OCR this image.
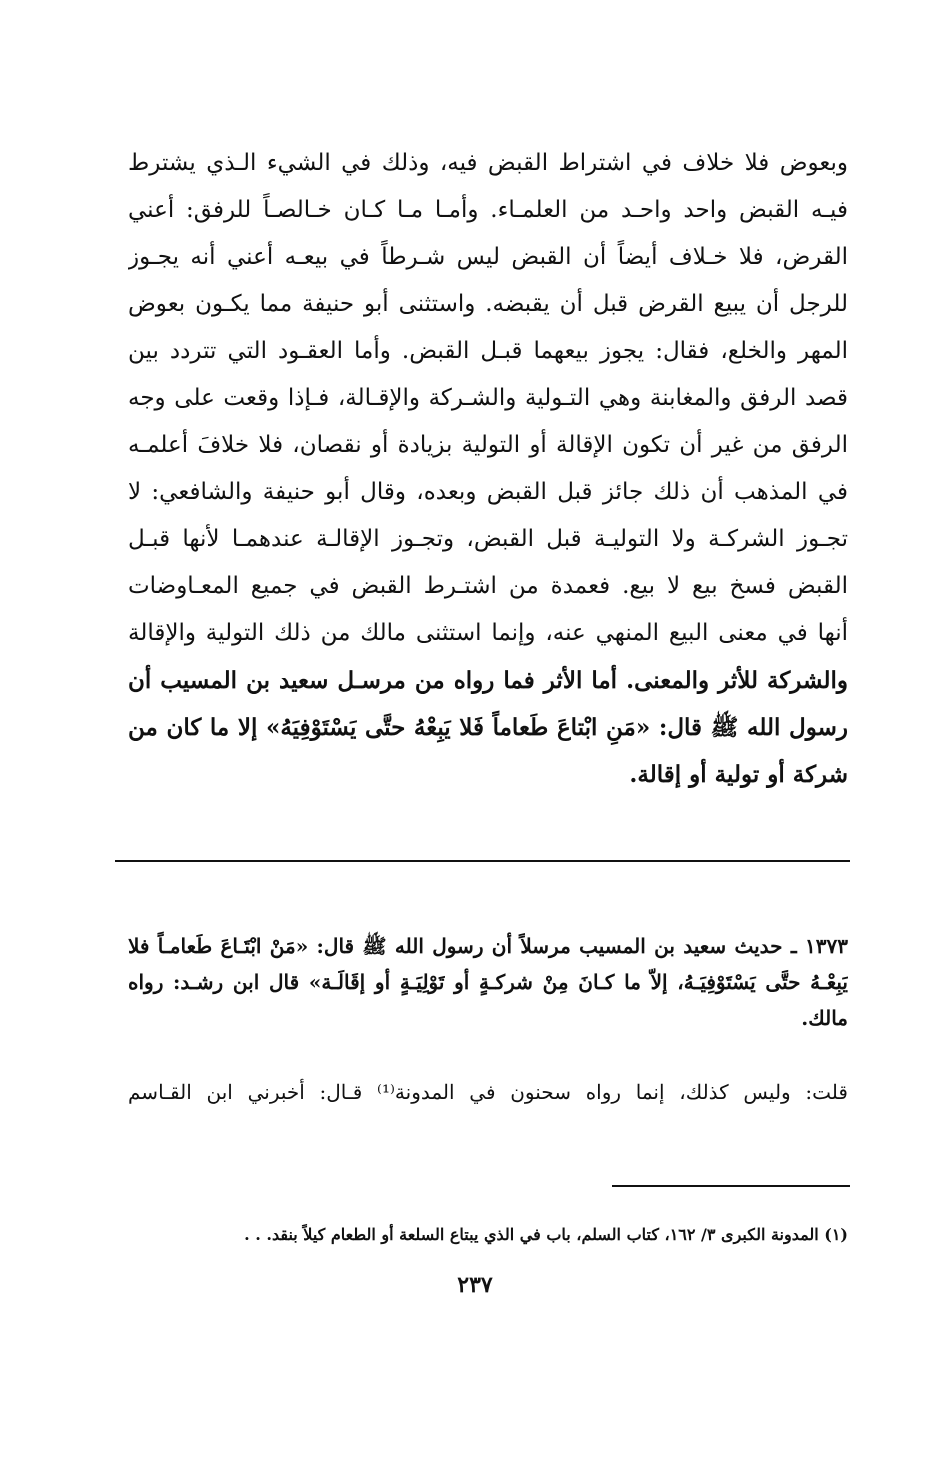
وبعوض فلا خلاف في اشتراط القبض فيه، وذلك في الشيء الـذي يشترط
فيـه القبض واحد واحـد من العلمـاء. وأمـا مـا كـان خـالصـاً للرفق: أعني
القرض، فلا خـلاف أيضاً أن القبض ليس شـرطاً في بيعـه أعني أنه يجـوز
للرجل أن يبيع القرض قبل أن يقبضه. واستثنى أبو حنيفة مما يكـون بعوض
المهر والخلع، فقال: يجوز بيعهما قبـل القبض. وأما العقـود التي تتردد بين
قصد الرفق والمغابنة وهي التـولية والشـركة والإقـالة، فـإذا وقعت على وجه
الرفق من غير أن تكون الإقالة أو التولية بزيادة أو نقصان، فلا خلافَ أعلمـه
في المذهب أن ذلك جائز قبل القبض وبعده، وقال أبو حنيفة والشافعي: لا
تجـوز الشركـة ولا التوليـة قبل القبض، وتجـوز الإقالـة عندهمـا لأنها قبـل
القبض فسخ بيع لا بيع. فعمدة من اشتـرط القبض في جميع المعـاوضات
أنها في معنى البيع المنهي عنه، وإنما استثنى مالك من ذلك التولية والإقالة
والشركة للأثر والمعنى. أما الأثر فما رواه من مرسـل سعيد بن المسيب أن
رسول الله ﷺ قال: «مَنِ ابْتاعَ طَعاماً فَلا يَبِعْهُ حتَّى يَسْتَوْفِيَهُ» إلا ما كان من
شركة أو تولية أو إقالة.
١٣٧٣ ـ حديث سعيد بن المسيب مرسلاً أن رسول الله ﷺ قال: «مَنْ ابْتَـاعَ طَعامـاً فلا
يَبِعْـهُ حتَّى يَسْتَوْفِيَـهُ، إلاّ ما كـانَ مِنْ شركـةٍ أو تَوْلِيَـةٍ أو إقَالَـة» قال ابن رشـد: رواه
مالك.
قلت: وليس كذلك، إنما رواه سحنون في المدونة⁽¹⁾ قـال: أخبرني ابن القـاسم
(١) المدونة الكبرى ٣/ ١٦٢، كتاب السلم، باب في الذي يبتاع السلعة أو الطعام كيلاً بنقد. . .
٢٣٧
